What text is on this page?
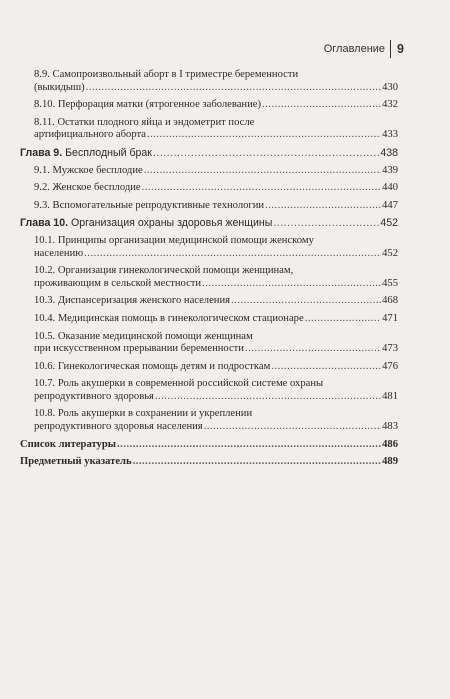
Оглавление 9
8.9. Самопроизвольный аборт в I триместре беременности
(выкидыш) .....	430
8.10. Перфорация матки (ятрогенное заболевание) .....	432
8.11. Остатки плодного яйца и эндометрит после
артифициального аборта .....	433
Глава 9. Бесплодный брак .....	438
9.1. Мужское бесплодие .....	439
9.2. Женское бесплодие .....	440
9.3. Вспомогательные репродуктивные технологии .....	447
Глава 10. Организация охраны здоровья женщины .....	452
10.1. Принципы организации медицинской помощи женскому
населению .....	452
10.2. Организация гинекологической помощи женщинам,
проживающим в сельской местности .....	455
10.3. Диспансеризация женского населения .....	468
10.4. Медицинская помощь в гинекологическом стационаре .....	471
10.5. Оказание медицинской помощи женщинам
при искусственном прерывании беременности .....	473
10.6. Гинекологическая помощь детям и подросткам .....	476
10.7. Роль акушерки в современной российской системе охраны
репродуктивного здоровья .....	481
10.8. Роль акушерки в сохранении и укреплении
репродуктивного здоровья населения .....	483
Список литературы .....	486
Предметный указатель .....	489
